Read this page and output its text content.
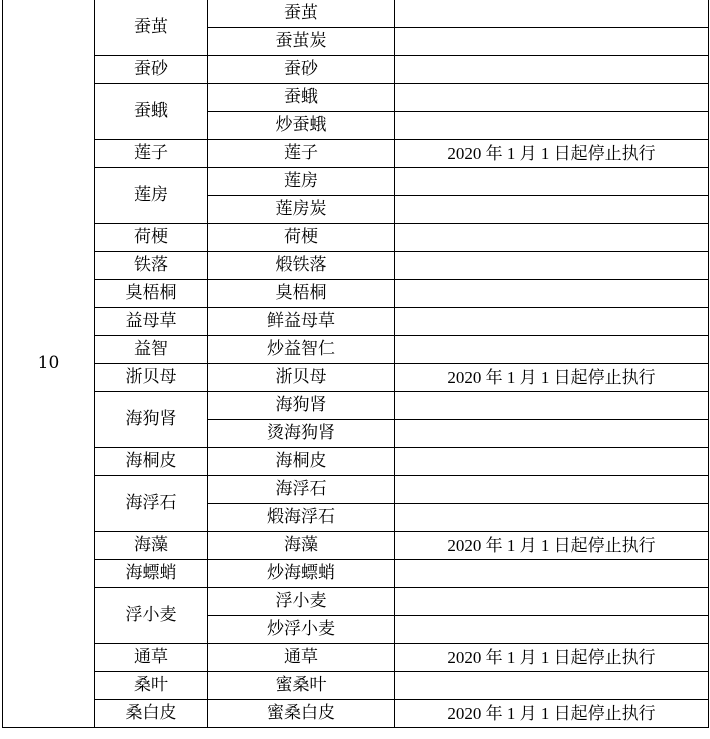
10	蚕茧	蚕茧	
		蚕茧炭	
	蚕砂	蚕砂	
	蚕蛾	蚕蛾	
		炒蚕蛾	
	莲子	莲子	2020 年 1 月 1 日起停止执行
	莲房	莲房	
		莲房炭	
	荷梗	荷梗	
	铁落	煅铁落	
	臭梧桐	臭梧桐	
	益母草	鲜益母草	
	益智	炒益智仁	
	浙贝母	浙贝母	2020 年 1 月 1 日起停止执行
	海狗肾	海狗肾	
		烫海狗肾	
	海桐皮	海桐皮	
	海浮石	海浮石	
		煅海浮石	
	海藻	海藻	2020 年 1 月 1 日起停止执行
	海螵蛸	炒海螵蛸	
	浮小麦	浮小麦	
		炒浮小麦	
	通草	通草	2020 年 1 月 1 日起停止执行
	桑叶	蜜桑叶	
	桑白皮	蜜桑白皮	2020 年 1 月 1 日起停止执行
